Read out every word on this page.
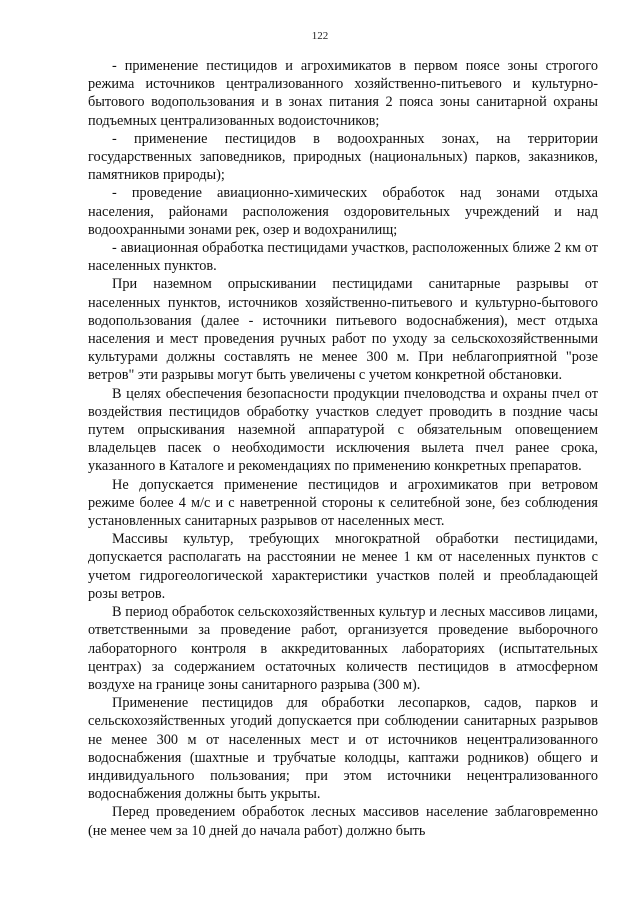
122

- применение пестицидов и агрохимикатов в первом поясе зоны строгого режима источников централизованного хозяйственно-питьевого и культурно-бытового водопользования и в зонах питания 2 пояса зоны санитарной охраны подъемных централизованных водоисточников;

- применение пестицидов в водоохранных зонах, на территории государственных заповедников, природных (национальных) парков, заказников, памятников природы);

- проведение авиационно-химических обработок над зонами отдыха населения, районами расположения оздоровительных учреждений и над водоохранными зонами рек, озер и водохранилищ;

- авиационная обработка пестицидами участков, расположенных ближе 2 км от населенных пунктов.

При наземном опрыскивании пестицидами санитарные разрывы от населенных пунктов, источников хозяйственно-питьевого и культурно-бытового водопользования (далее - источники питьевого водоснабжения), мест отдыха населения и мест проведения ручных работ по уходу за сельскохозяйственными культурами должны составлять не менее 300 м. При неблагоприятной "розе ветров" эти разрывы могут быть увеличены с учетом конкретной обстановки.

В целях обеспечения безопасности продукции пчеловодства и охраны пчел от воздействия пестицидов обработку участков следует проводить в поздние часы путем опрыскивания наземной аппаратурой с обязательным оповещением владельцев пасек о необходимости исключения вылета пчел ранее срока, указанного в Каталоге и рекомендациях по применению конкретных препаратов.

Не допускается применение пестицидов и агрохимикатов при ветровом режиме более 4 м/с и с наветренной стороны к селитебной зоне, без соблюдения установленных санитарных разрывов от населенных мест.

Массивы культур, требующих многократной обработки пестицидами, допускается располагать на расстоянии не менее 1 км от населенных пунктов с учетом гидрогеологической характеристики участков полей и преобладающей розы ветров.

В период обработок сельскохозяйственных культур и лесных массивов лицами, ответственными за проведение работ, организуется проведение выборочного лабораторного контроля в аккредитованных лабораториях (испытательных центрах) за содержанием остаточных количеств пестицидов в атмосферном воздухе на границе зоны санитарного разрыва (300 м).

Применение пестицидов для обработки лесопарков, садов, парков и сельскохозяйственных угодий допускается при соблюдении санитарных разрывов не менее 300 м от населенных мест и от источников нецентрализованного водоснабжения (шахтные и трубчатые колодцы, каптажи родников) общего и индивидуального пользования; при этом источники нецентрализованного водоснабжения должны быть укрыты.

Перед проведением обработок лесных массивов население заблаговременно (не менее чем за 10 дней до начала работ) должно быть
